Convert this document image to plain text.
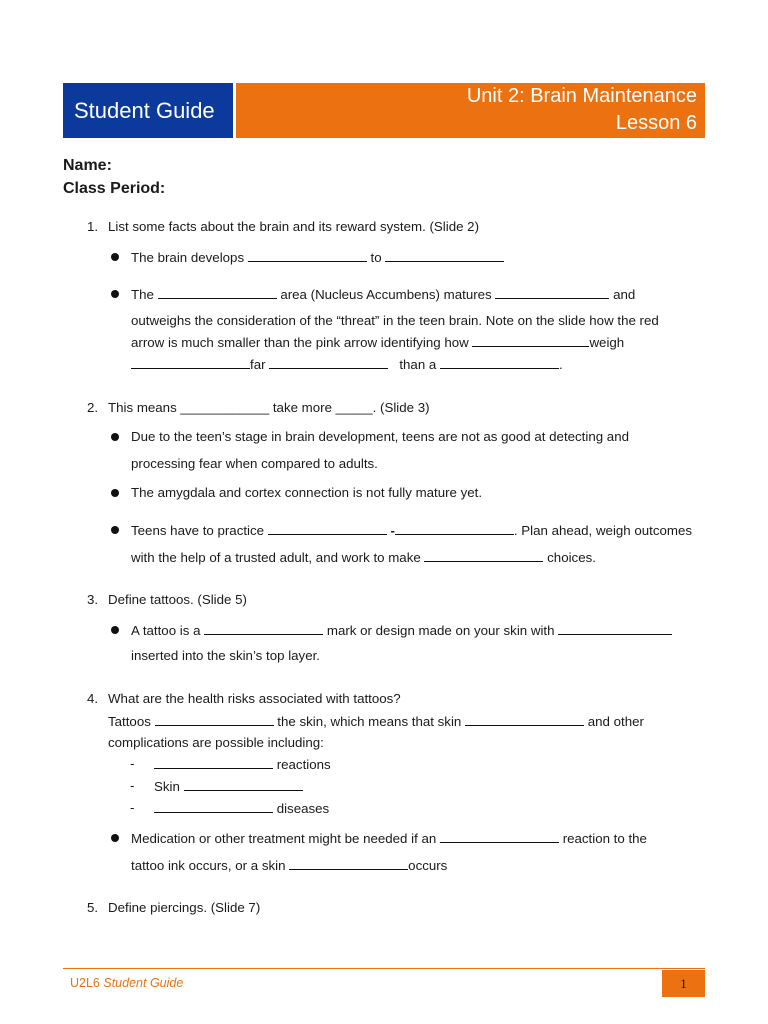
Student Guide
Unit 2: Brain Maintenance
Lesson 6
Name:
Class Period:
1. List some facts about the brain and its reward system. (Slide 2)
The brain develops	to
The	area (Nucleus Accumbens) matures	and
outweighs the consideration of the “threat” in the teen brain. Note on the slide how the red
arrow is much smaller than the pink arrow identifying how	weigh
far	than a	.
2. This means ____________ take more _____. (Slide 3)
Due to the teen’s stage in brain development, teens are not as good at detecting and
processing fear when compared to adults.
The amygdala and cortex connection is not fully mature yet.
Teens have to practice	-	. Plan ahead, weigh outcomes
with the help of a trusted adult, and work to make	choices.
3. Define tattoos. (Slide 5)
A tattoo is a	mark or design made on your skin with
inserted into the skin’s top layer.
4. What are the health risks associated with tattoos?
Tattoos	the skin, which means that skin	and other
complications are possible including:
-	reactions
- Skin
-	diseases
Medication or other treatment might be needed if an	reaction to the
tattoo ink occurs, or a skin	occurs
5. Define piercings. (Slide 7)
U2L6 Student Guide	1
